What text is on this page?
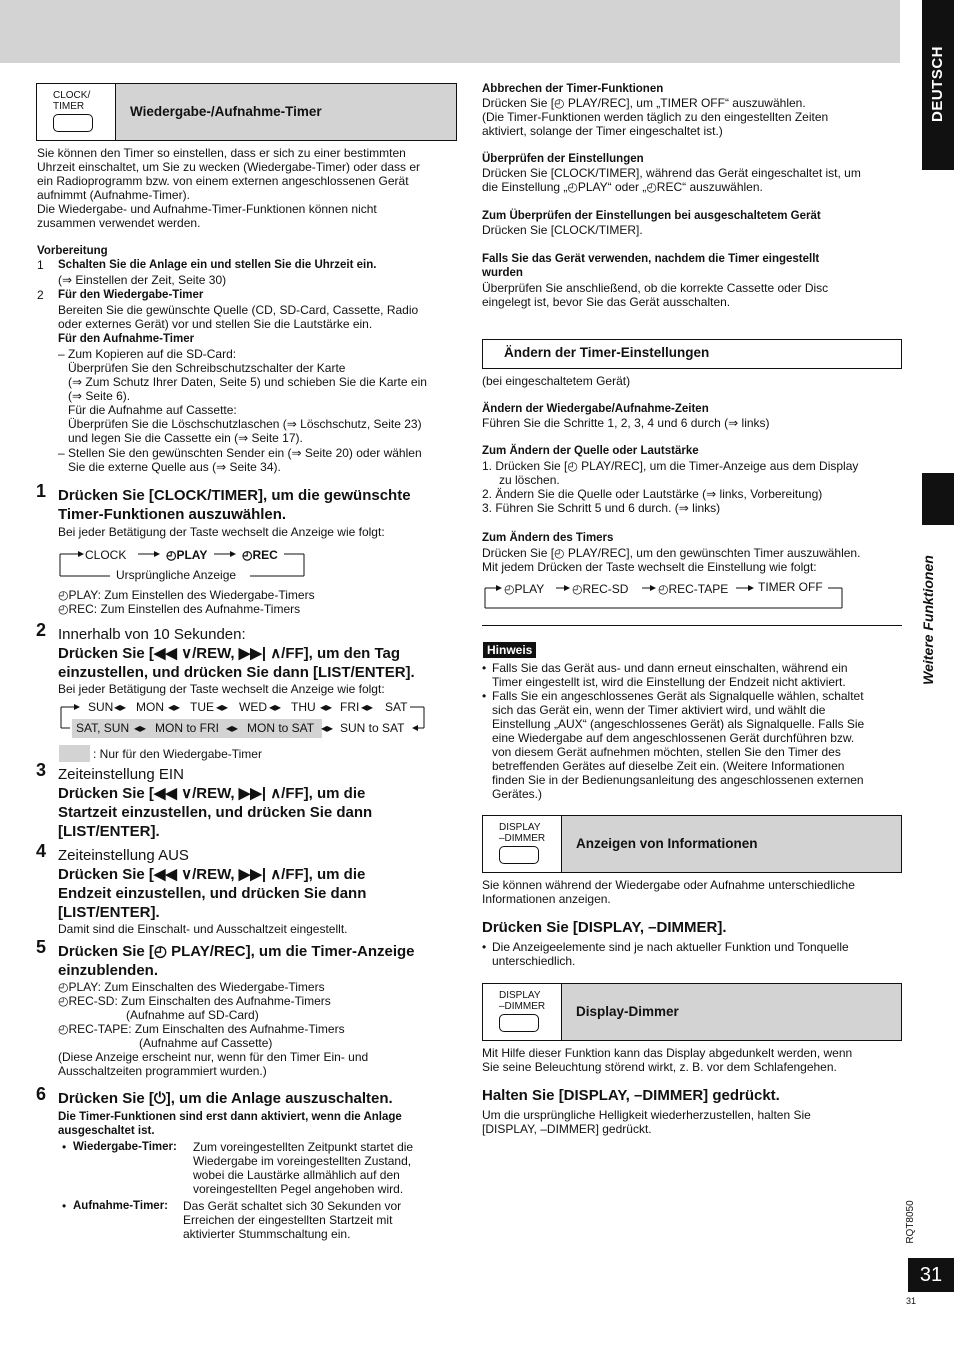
DEUTSCH
Weitere Funktionen
CLOCK/
TIMER	Wiedergabe-/Aufnahme-Timer
Sie können den Timer so einstellen, dass er sich zu einer bestimmten
Uhrzeit einschaltet, um Sie zu wecken (Wiedergabe-Timer) oder dass er
ein Radioprogramm bzw. von einem externen angeschlossenen Gerät
aufnimmt (Aufnahme-Timer).
Die Wiedergabe- und Aufnahme-Timer-Funktionen können nicht
zusammen verwendet werden.
Vorbereitung
1 Schalten Sie die Anlage ein und stellen Sie die Uhrzeit ein.
(⇒ Einstellen der Zeit, Seite 30)
2 Für den Wiedergabe-Timer
Bereiten Sie die gewünschte Quelle (CD, SD-Card, Cassette, Radio
oder externes Gerät) vor und stellen Sie die Lautstärke ein.
Für den Aufnahme-Timer
– Zum Kopieren auf die SD-Card:
Überprüfen Sie den Schreibschutzschalter der Karte
(⇒ Zum Schutz Ihrer Daten, Seite 5) und schieben Sie die Karte ein
(⇒ Seite 6).
Für die Aufnahme auf Cassette:
Überprüfen Sie die Löschschutzlaschen (⇒ Löschschutz, Seite 23)
und legen Sie die Cassette ein (⇒ Seite 17).
– Stellen Sie den gewünschten Sender ein (⇒ Seite 20) oder wählen
Sie die externe Quelle aus (⇒ Seite 34).
1 Drücken Sie [CLOCK/TIMER], um die gewünschte
Timer-Funktionen auszuwählen.
Bei jeder Betätigung der Taste wechselt die Anzeige wie folgt:
CLOCK	◴PLAY	◴REC
Ursprüngliche Anzeige
◴PLAY: Zum Einstellen des Wiedergabe-Timers
◴REC: Zum Einstellen des Aufnahme-Timers
2 Innerhalb von 10 Sekunden:
Drücken Sie [◀◀ ∨/REW, ▶▶| ∧/FF], um den Tag
einzustellen, und drücken Sie dann [LIST/ENTER].
Bei jeder Betätigung der Taste wechselt die Anzeige wie folgt:
SUN ◂▸ MON ◂▸ TUE ◂▸ WED ◂▸ THU ◂▸ FRI ◂▸ SAT
SAT, SUN ◂▸ MON to FRI ◂▸ MON to SAT ◂▸ SUN to SAT
: Nur für den Wiedergabe-Timer
3 Zeiteinstellung EIN
Drücken Sie [◀◀ ∨/REW, ▶▶| ∧/FF], um die
Startzeit einzustellen, und drücken Sie dann
[LIST/ENTER].
4 Zeiteinstellung AUS
Drücken Sie [◀◀ ∨/REW, ▶▶| ∧/FF], um die
Endzeit einzustellen, und drücken Sie dann
[LIST/ENTER].
Damit sind die Einschalt- und Ausschaltzeit eingestellt.
5 Drücken Sie [◴ PLAY/REC], um die Timer-Anzeige
einzublenden.
◴PLAY: Zum Einschalten des Wiedergabe-Timers
◴REC-SD: Zum Einschalten des Aufnahme-Timers
(Aufnahme auf SD-Card)
◴REC-TAPE: Zum Einschalten des Aufnahme-Timers
(Aufnahme auf Cassette)
(Diese Anzeige erscheint nur, wenn für den Timer Ein- und
Ausschaltzeiten programmiert wurden.)
6 Drücken Sie [⏻], um die Anlage auszuschalten.
Die Timer-Funktionen sind erst dann aktiviert, wenn die Anlage
ausgeschaltet ist.
• Wiedergabe-Timer: Zum voreingestellten Zeitpunkt startet die
Wiedergabe im voreingestellten Zustand,
wobei die Laustärke allmählich auf den
voreingestellten Pegel angehoben wird.
• Aufnahme-Timer: Das Gerät schaltet sich 30 Sekunden vor
Erreichen der eingestellten Startzeit mit
aktivierter Stummschaltung ein.
Abbrechen der Timer-Funktionen
Drücken Sie [◴ PLAY/REC], um „TIMER OFF“ auszuwählen.
(Die Timer-Funktionen werden täglich zu den eingestellten Zeiten
aktiviert, solange der Timer eingeschaltet ist.)
Überprüfen der Einstellungen
Drücken Sie [CLOCK/TIMER], während das Gerät eingeschaltet ist, um
die Einstellung „◴PLAY“ oder „◴REC“ auszuwählen.
Zum Überprüfen der Einstellungen bei ausgeschaltetem Gerät
Drücken Sie [CLOCK/TIMER].
Falls Sie das Gerät verwenden, nachdem die Timer eingestellt
wurden
Überprüfen Sie anschließend, ob die korrekte Cassette oder Disc
eingelegt ist, bevor Sie das Gerät ausschalten.
Ändern der Timer-Einstellungen
(bei eingeschaltetem Gerät)
Ändern der Wiedergabe/Aufnahme-Zeiten
Führen Sie die Schritte 1, 2, 3, 4 und 6 durch (⇒ links)
Zum Ändern der Quelle oder Lautstärke
1. Drücken Sie [◴ PLAY/REC], um die Timer-Anzeige aus dem Display
zu löschen.
2. Ändern Sie die Quelle oder Lautstärke (⇒ links, Vorbereitung)
3. Führen Sie Schritt 5 und 6 durch. (⇒ links)
Zum Ändern des Timers
Drücken Sie [◴ PLAY/REC], um den gewünschten Timer auszuwählen.
Mit jedem Drücken der Taste wechselt die Einstellung wie folgt:
◴PLAY ◴REC-SD ◴REC-TAPE TIMER OFF
Hinweis
• Falls Sie das Gerät aus- und dann erneut einschalten, während ein
Timer eingestellt ist, wird die Einstellung der Endzeit nicht aktiviert.
• Falls Sie ein angeschlossenes Gerät als Signalquelle wählen, schaltet
sich das Gerät ein, wenn der Timer aktiviert wird, und wählt die
Einstellung „AUX“ (angeschlossenes Gerät) als Signalquelle. Falls Sie
eine Wiedergabe auf dem angeschlossenen Gerät durchführen bzw.
von diesem Gerät aufnehmen möchten, stellen Sie den Timer des
betreffenden Gerätes auf dieselbe Zeit ein. (Weitere Informationen
finden Sie in der Bedienungsanleitung des angeschlossenen externen
Gerätes.)
DISPLAY
–DIMMER	Anzeigen von Informationen
Sie können während der Wiedergabe oder Aufnahme unterschiedliche
Informationen anzeigen.
Drücken Sie [DISPLAY, –DIMMER].
• Die Anzeigeelemente sind je nach aktueller Funktion und Tonquelle
unterschiedlich.
DISPLAY
–DIMMER	Display-Dimmer
Mit Hilfe dieser Funktion kann das Display abgedunkelt werden, wenn
Sie seine Beleuchtung störend wirkt, z. B. vor dem Schlafengehen.
Halten Sie [DISPLAY, –DIMMER] gedrückt.
Um die ursprüngliche Helligkeit wiederherzustellen, halten Sie
[DISPLAY, –DIMMER] gedrückt.
RQT8050
31
31
